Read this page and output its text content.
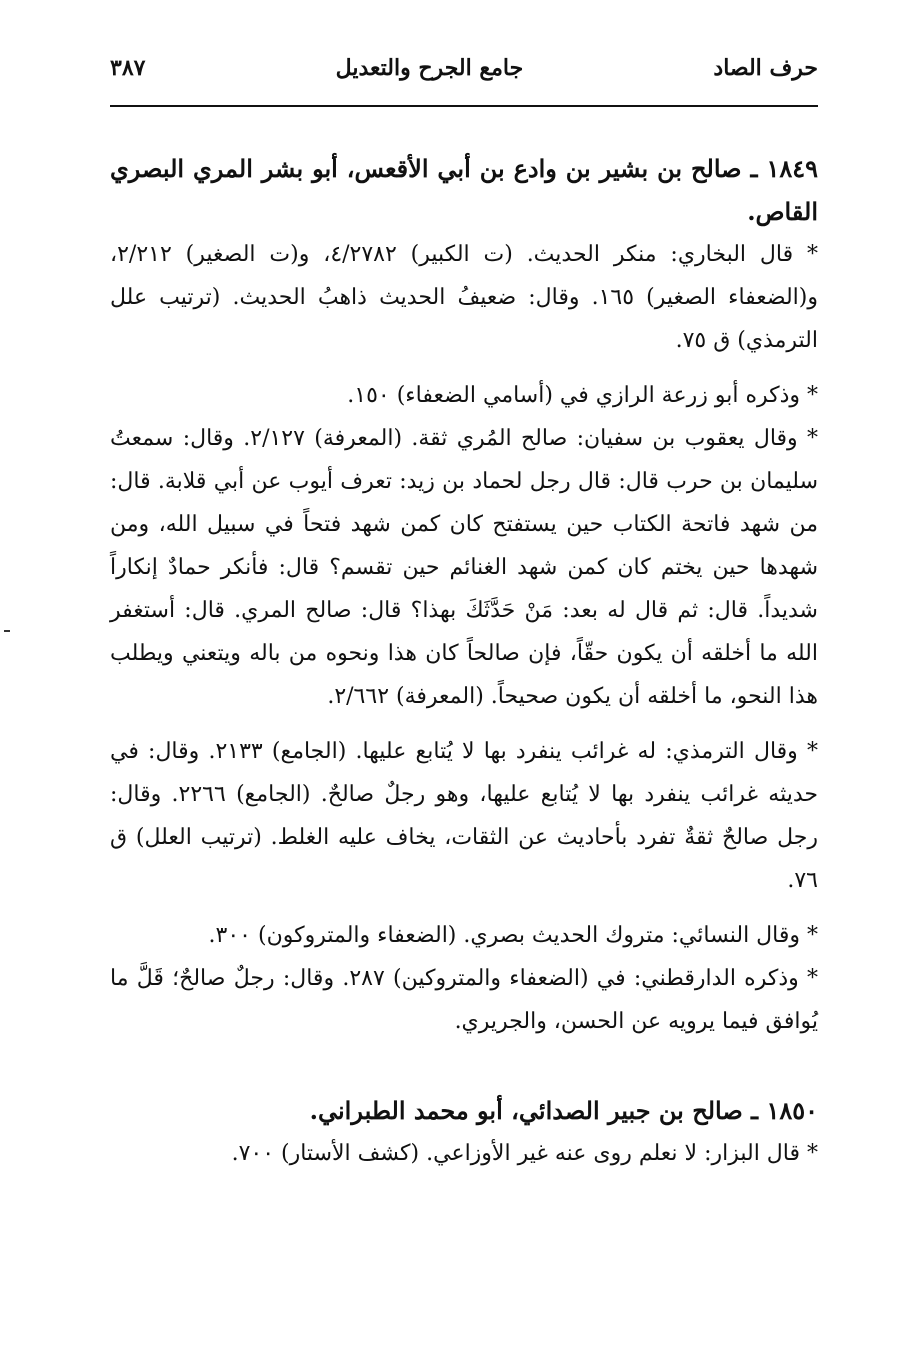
حرف الصاد
جامع الجرح والتعديل
٣٨٧
١٨٤٩ ـ صالح بن بشير بن وادع بن أبي الأقعس، أبو بشر المري البصري القاص.

* قال البخاري: منكر الحديث. (ت الكبير) ٤/٢٧٨٢، و(ت الصغير) ٢/٢١٢، و(الضعفاء الصغير) ١٦٥. وقال: ضعيفُ الحديث ذاهبُ الحديث. (ترتيب علل الترمذي) ق ٧٥.

* وذكره أبو زرعة الرازي في (أسامي الضعفاء) ١٥٠.

* وقال يعقوب بن سفيان: صالح المُري ثقة. (المعرفة) ٢/١٢٧. وقال: سمعتُ سليمان بن حرب قال: قال رجل لحماد بن زيد: تعرف أيوب عن أبي قلابة. قال: من شهد فاتحة الكتاب حين يستفتح كان كمن شهد فتحاً في سبيل الله، ومن شهدها حين يختم كان كمن شهد الغنائم حين تقسم؟ قال: فأنكر حمادٌ إنكاراً شديداً. قال: ثم قال له بعد: مَنْ حَدَّثَكَ بهذا؟ قال: صالح المري. قال: أستغفر الله ما أخلقه أن يكون حقّاً، فإن صالحاً كان هذا ونحوه من باله ويتعني ويطلب هذا النحو، ما أخلقه أن يكون صحيحاً. (المعرفة) ٢/٦٦٢.

* وقال الترمذي: له غرائب ينفرد بها لا يُتابع عليها. (الجامع) ٢١٣٣. وقال: في حديثه غرائب ينفرد بها لا يُتابع عليها، وهو رجلٌ صالحٌ. (الجامع) ٢٢٦٦. وقال: رجل صالحٌ ثقةٌ تفرد بأحاديث عن الثقات، يخاف عليه الغلط. (ترتيب العلل) ق ٧٦.

* وقال النسائي: متروك الحديث بصري. (الضعفاء والمتروكون) ٣٠٠.

* وذكره الدارقطني: في (الضعفاء والمتروكين) ٢٨٧. وقال: رجلٌ صالحٌ؛ قَلَّ ما يُوافق فيما يرويه عن الحسن، والجريري.

١٨٥٠ ـ صالح بن جبير الصدائي، أبو محمد الطبراني.

* قال البزار: لا نعلم روى عنه غير الأوزاعي. (كشف الأستار) ٧٠٠.
